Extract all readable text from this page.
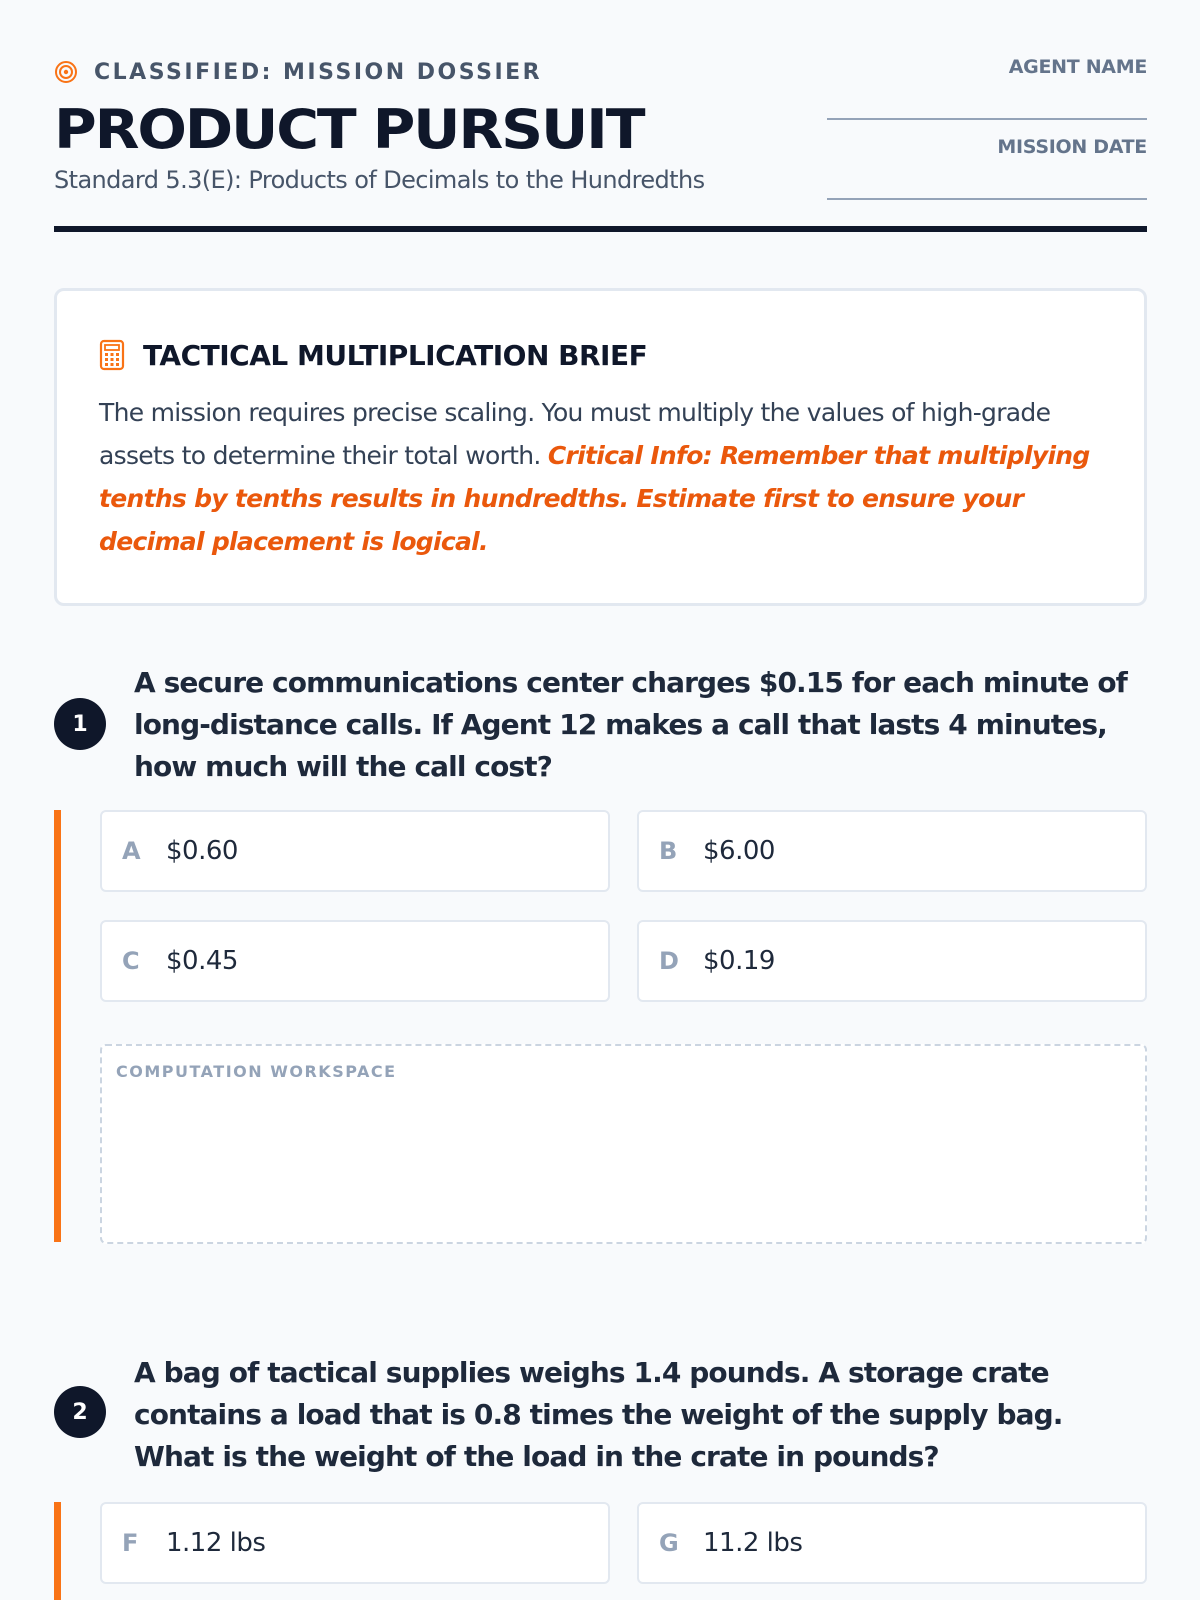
CLASSIFIED: MISSION DOSSIER
PRODUCT PURSUIT
Standard 5.3(E): Products of Decimals to the Hundredths
AGENT NAME
MISSION DATE
TACTICAL MULTIPLICATION BRIEF
The mission requires precise scaling. You must multiply the values of high-grade assets to determine their total worth. Critical Info: Remember that multiplying tenths by tenths results in hundredths. Estimate first to ensure your decimal placement is logical.
1
A secure communications center charges $0.15 for each minute of long-distance calls. If Agent 12 makes a call that lasts 4 minutes, how much will the call cost?
A $0.60	B $6.00
C	$0.45	D $0.19
COMPUTATION WORKSPACE
2
A bag of tactical supplies weighs 1.4 pounds. A storage crate contains a load that is 0.8 times the weight of the supply bag. What is the weight of the load in the crate in pounds?
F	1.12 lbs	G 11.2 lbs
